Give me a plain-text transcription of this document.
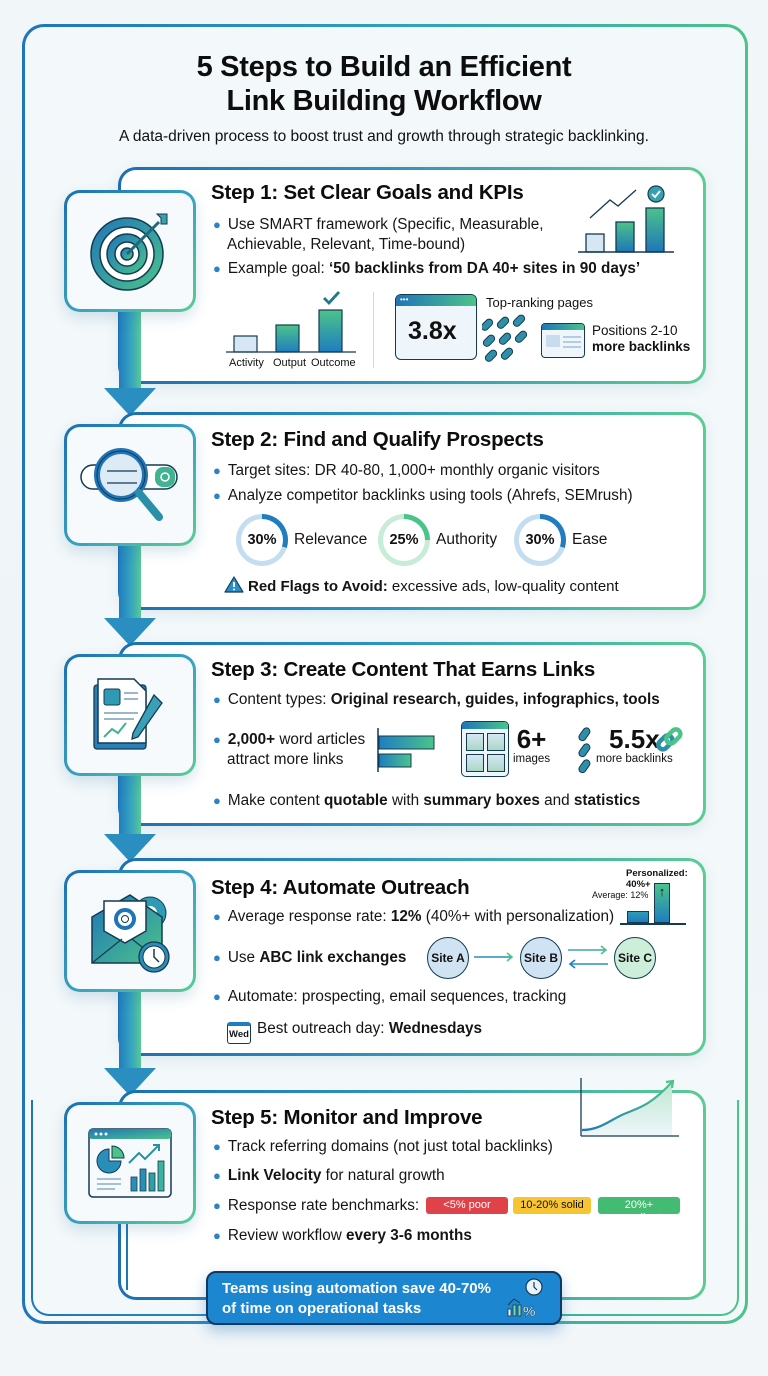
5 Steps to Build an Efficient
Link Building Workflow
A data-driven process to boost trust and growth through strategic backlinking.
Step 1: Set Clear Goals and KPIs
● Use SMART framework (Specific, Measurable,
Achievable, Relevant, Time-bound)
● Example goal: ‘50 backlinks from DA 40+ sites in 90 days’
Activity Output Outcome
•••
3.8x
Top-ranking pages
Positions 2-10
more backlinks
Step 2: Find and Qualify Prospects
● Target sites: DR 40-80, 1,000+ monthly organic visitors
● Analyze competitor backlinks using tools (Ahrefs, SEMrush)
30%	Relevance	25%	Authority	30%	Ease
Red Flags to Avoid: excessive ads, low-quality content
Step 3: Create Content That Earns Links
● Content types: Original research, guides, infographics, tools
● 2,000+ word articles
attract more links
6+
images
5.5x
more backlinks
● Make content quotable with summary boxes and statistics
Step 4: Automate Outreach
● Average response rate: 12% (40%+ with personalization)
Personalized: 40%+
Average: 12% ↑
● Use ABC link exchanges	Site A	Site B	Site C
● Automate: prospecting, email sequences, tracking
Wed Best outreach day: Wednesdays
Step 5: Monitor and Improve
● Track referring domains (not just total backlinks)
● Link Velocity for natural growth
● Response rate benchmarks:	<5% poor	10-20% solid	20%+ excellent
● Review workflow every 3-6 months
Teams using automation save 40-70%
of time on operational tasks	%
